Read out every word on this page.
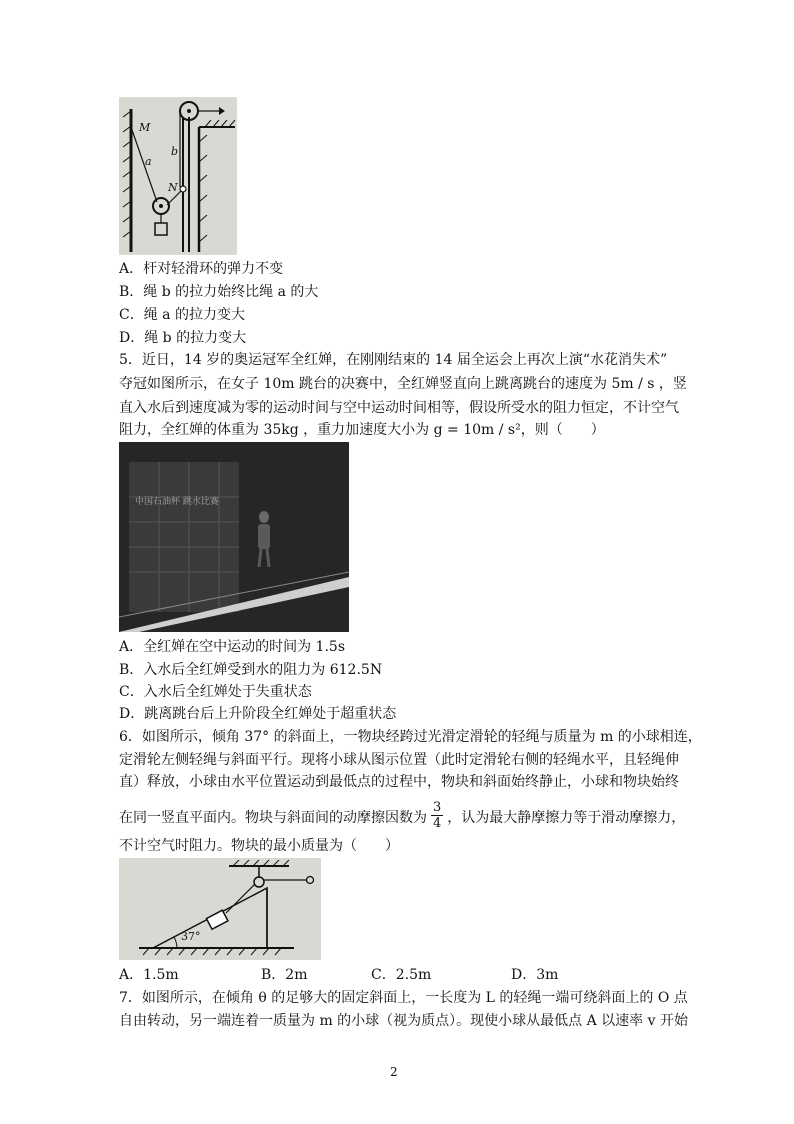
M
a
b
N
A．杆对轻滑环的弹力不变
B．绳 b 的拉力始终比绳 a 的大
C．绳 a 的拉力变大
D．绳 b 的拉力变大
5．近日，14 岁的奥运冠军全红婵，在刚刚结束的 14 届全运会上再次上演“水花消失术”
夺冠如图所示，在女子 10m 跳台的决赛中，全红婵竖直向上跳离跳台的速度为 5m / s ，竖
直入水后到速度减为零的运动时间与空中运动时间相等，假设所受水的阻力恒定，不计空气
阻力，全红婵的体重为 35kg ，重力加速度大小为 g = 10m / s²，则（　　）
中国石油杯 跳水比赛
A．全红婵在空中运动的时间为 1.5s
B．入水后全红婵受到水的阻力为 612.5N
C．入水后全红婵处于失重状态
D．跳离跳台后上升阶段全红婵处于超重状态
6．如图所示，倾角 37° 的斜面上，一物块经跨过光滑定滑轮的轻绳与质量为 m 的小球相连，
定滑轮左侧轻绳与斜面平行。现将小球从图示位置（此时定滑轮右侧的轻绳水平，且轻绳伸
直）释放，小球由水平位置运动到最低点的过程中，物块和斜面始终静止，小球和物块始终
在同一竖直平面内。物块与斜面间的动摩擦因数为 $\frac{3}{4}$ ，认为最大静摩擦力等于滑动摩擦力，
不计空气时阻力。物块的最小质量为（　　）
37°
A．1.5m	B．2m	C．2.5m	D．3m
7．如图所示，在倾角 θ 的足够大的固定斜面上，一长度为 L 的轻绳一端可绕斜面上的 O 点
自由转动，另一端连着一质量为 m 的小球（视为质点）。现使小球从最低点 A 以速率 v 开始
2
